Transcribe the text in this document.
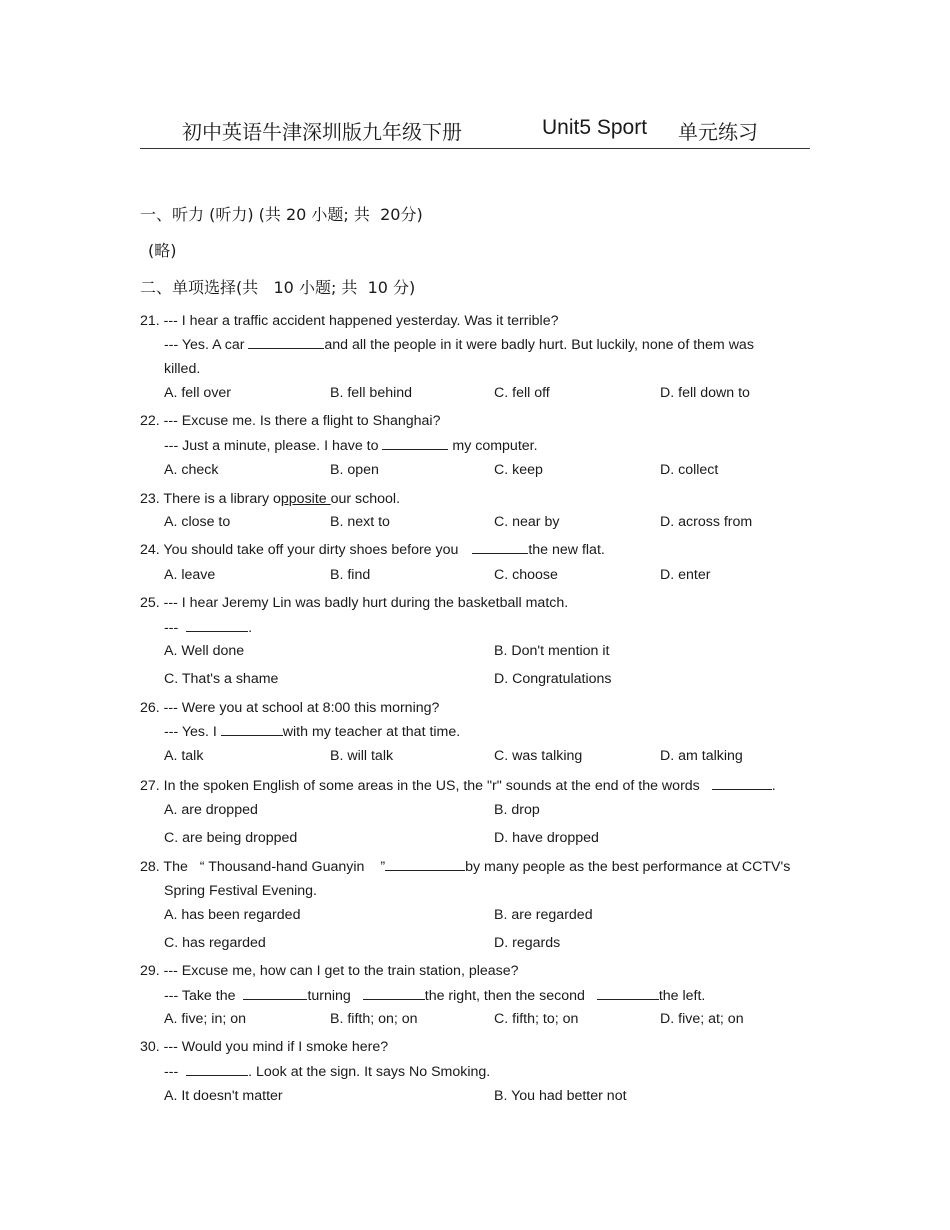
初中英语牛津深圳版九年级下册	Unit5 Sport 单元练习
一、听力 (听力) (共 20 小题; 共  20分)
(略)
二、单项选择(共   10 小题; 共  10 分)
21. --- I hear a traffic accident happened yesterday. Was it terrible?
--- Yes. A car	and all the people in it were badly hurt. But luckily, none of them was
killed.
A. fell over	B. fell behind	C. fell off	D. fell down to
22. --- Excuse me. Is there a flight to Shanghai?
--- Just a minute, please. I have to	my computer.
A. check	B. open	C. keep	D. collect
23. There is a library opposite our school.
A. close to	B. next to	C. near by	D. across from
24. You should take off your dirty shoes before you	the new flat.
A. leave	B. find	C. choose	D. enter
25. --- I hear Jeremy Lin was badly hurt during the basketball match.
---	.
A. Well done	B. Don't mention it
C. That's a shame	D. Congratulations
26. --- Were you at school at 8:00 this morning?
--- Yes. I	with my teacher at that time.
A. talk	B. will talk	C. was talking	D. am talking
27. In the spoken English of some areas in the US, the "r" sounds at the end of the words	.
A. are dropped	B. drop
C. are being dropped	D. have dropped
28. The “ Thousand-hand Guanyin ”	by many people as the best performance at CCTV's
Spring Festival Evening.
A. has been regarded	B. are regarded
C. has regarded	D. regards
29. --- Excuse me, how can I get to the train station, please?
--- Take the	turning	the right, then the second	the left.
A. five; in; on	B. fifth; on; on	C. fifth; to; on	D. five; at; on
30. --- Would you mind if I smoke here?
---	. Look at the sign. It says No Smoking.
A. It doesn't matter	B. You had better not
